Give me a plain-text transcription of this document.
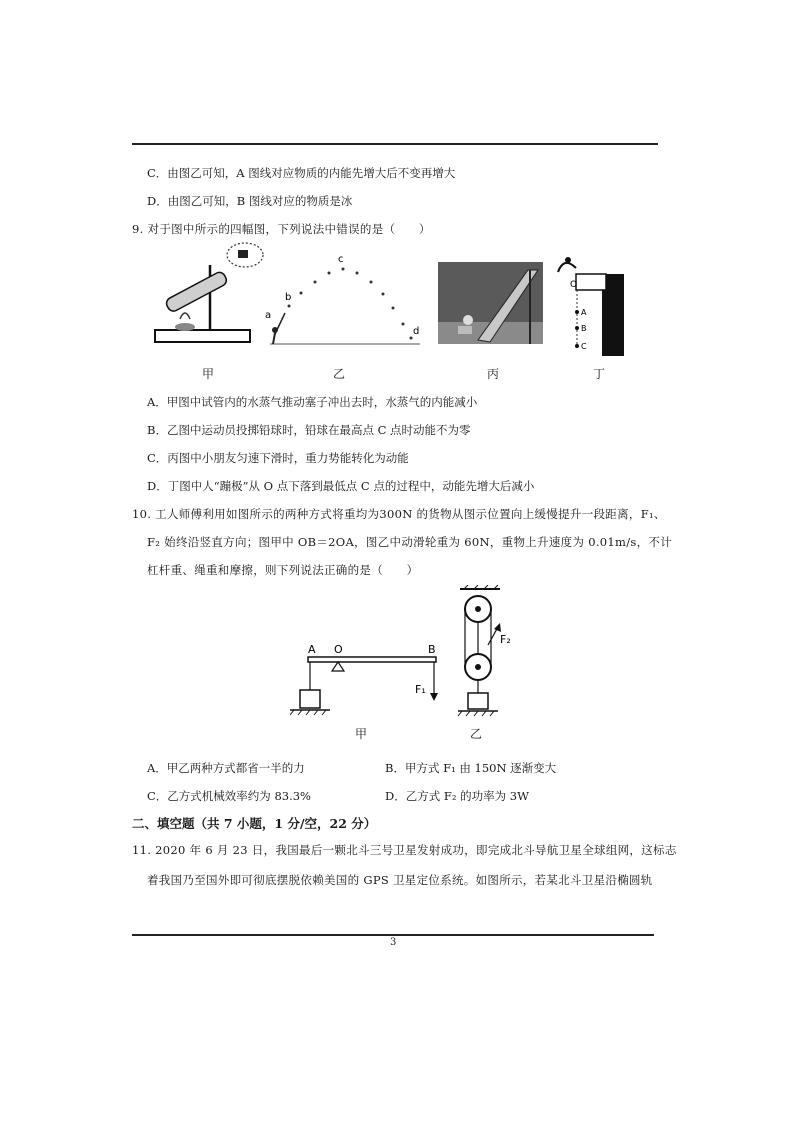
C．由图乙可知，A 图线对应物质的内能先增大后不变再增大
D．由图乙可知，B 图线对应的物质是冰
9. 对于图中所示的四幅图，下列说法中错误的是（　　）
甲
a
b
c
d
乙	丙
O
A
B
C
丁
A．甲图中试管内的水蒸气推动塞子冲出去时，水蒸气的内能减小
B．乙图中运动员投掷铅球时，铅球在最高点 C 点时动能不为零
C．丙图中小朋友匀速下滑时，重力势能转化为动能
D．丁图中人“蹦极”从 O 点下落到最低点 C 点的过程中，动能先增大后减小
10. 工人师傅利用如图所示的两种方式将重均为300N 的货物从图示位置向上缓慢提升一段距离，F₁、
F₂ 始终沿竖直方向；图甲中 OB＝2OA，图乙中动滑轮重为 60N，重物上升速度为 0.01m/s，不计
杠杆重、绳重和摩擦，则下列说法正确的是（　　）
A O	B
F₁
甲
F₂
乙
A．甲乙两种方式都省一半的力	B．甲方式 F₁ 由 150N 逐渐变大
C．乙方式机械效率约为 83.3%	D．乙方式 F₂ 的功率为 3W
二、填空题（共 7 小题，1 分/空，22 分）
11. 2020 年 6 月 23 日，我国最后一颗北斗三号卫星发射成功，即完成北斗导航卫星全球组网，这标志
着我国乃至国外即可彻底摆脱依赖美国的 GPS 卫星定位系统。如图所示，若某北斗卫星沿椭圆轨
3
